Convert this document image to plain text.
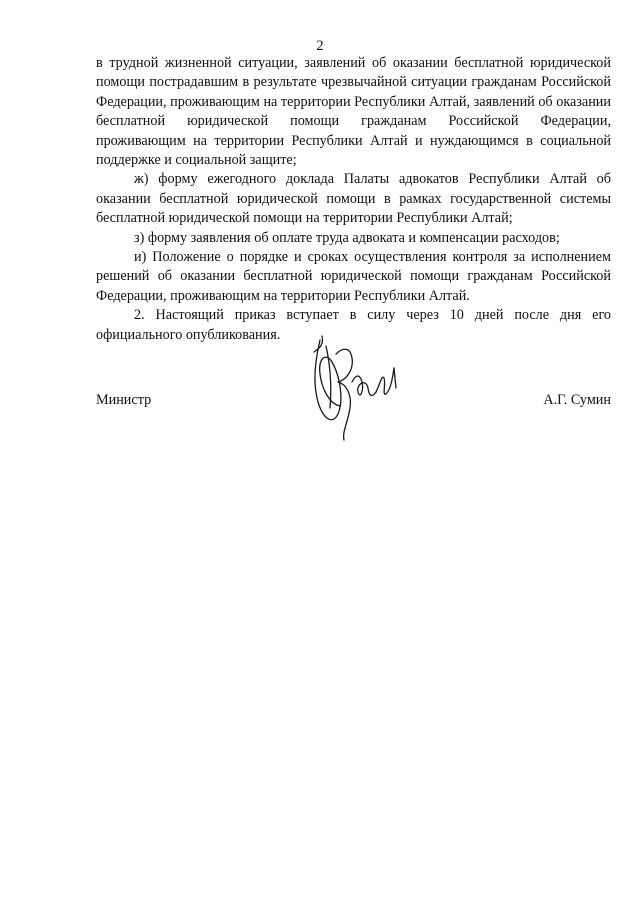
2

в трудной жизненной ситуации, заявлений об оказании бесплатной юридической помощи пострадавшим в результате чрезвычайной ситуации гражданам Российской Федерации, проживающим на территории Республики Алтай, заявлений об оказании бесплатной юридической помощи гражданам Российской Федерации, проживающим на территории Республики Алтай и нуждающимся в социальной поддержке и социальной защите;

ж) форму ежегодного доклада Палаты адвокатов Республики Алтай об оказании бесплатной юридической помощи в рамках государственной системы бесплатной юридической помощи на территории Республики Алтай;

з) форму заявления об оплате труда адвоката и компенсации расходов;

и) Положение о порядке и сроках осуществления контроля за исполнением решений об оказании бесплатной юридической помощи гражданам Российской Федерации, проживающим на территории Республики Алтай.

2. Настоящий приказ вступает в силу через 10 дней после дня его официального опубликования.

Министр	А.Г. Сумин
